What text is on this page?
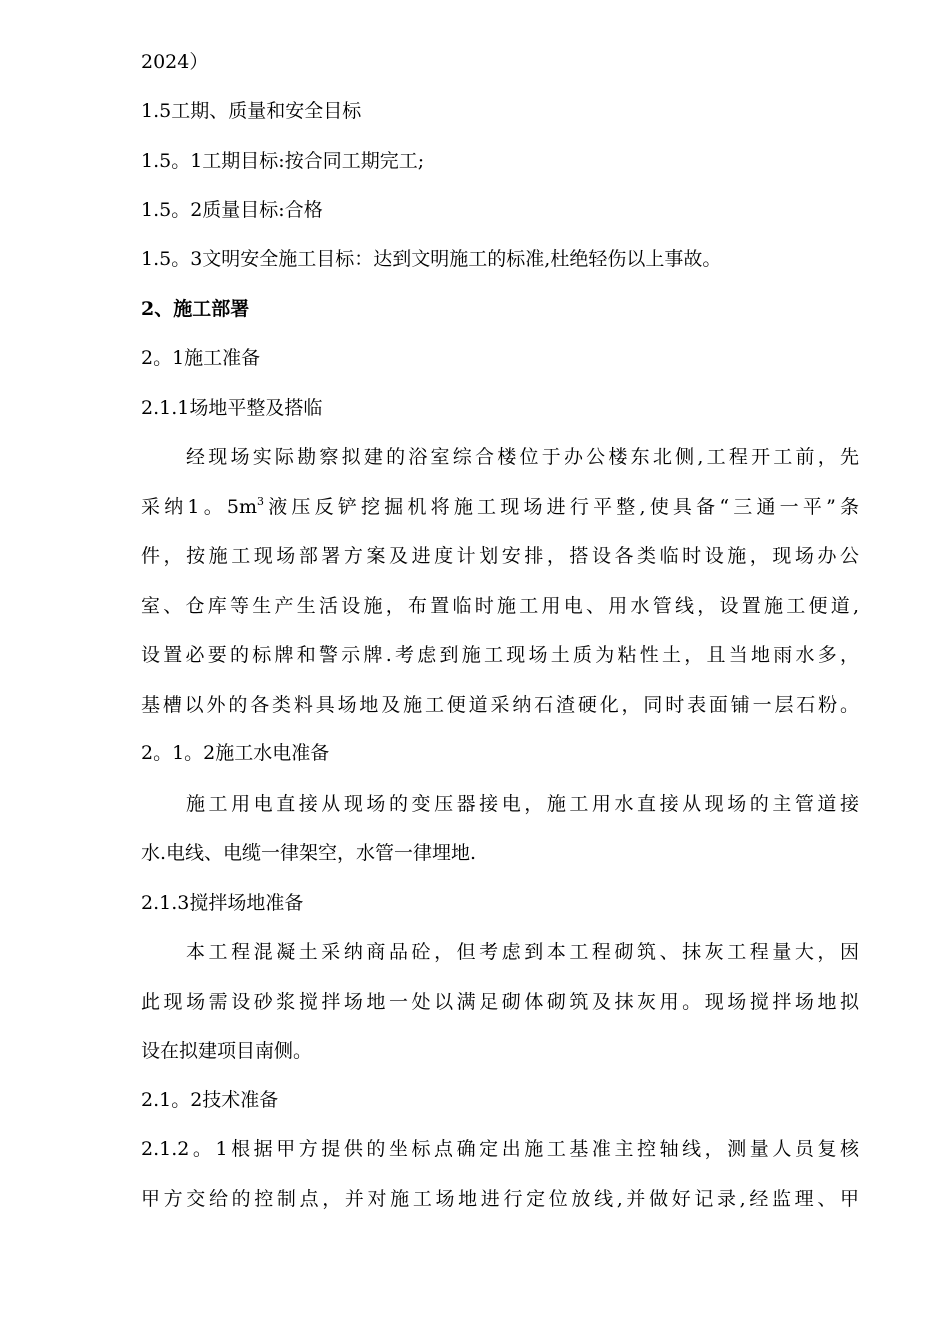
2024）
1.5工期、质量和安全目标
1.5。1工期目标:按合同工期完工;
1.5。2质量目标:合格
1.5。3文明安全施工目标：达到文明施工的标准,杜绝轻伤以上事故。
2、施工部署
2。1施工准备
2.1.1场地平整及搭临
经现场实际勘察拟建的浴室综合楼位于办公楼东北侧,工程开工前，先
采纳1。$5m^3$液压反铲挖掘机将施工现场进行平整,使具备“三通一平”条
件，按施工现场部署方案及进度计划安排，搭设各类临时设施，现场办公
室、仓库等生产生活设施，布置临时施工用电、用水管线，设置施工便道,
设置必要的标牌和警示牌.考虑到施工现场土质为粘性土，且当地雨水多，
基槽以外的各类料具场地及施工便道采纳石渣硬化，同时表面铺一层石粉。
2。1。2施工水电准备
施工用电直接从现场的变压器接电，施工用水直接从现场的主管道接
水.电线、电缆一律架空，水管一律埋地.
2.1.3搅拌场地准备
本工程混凝土采纳商品砼，但考虑到本工程砌筑、抹灰工程量大，因
此现场需设砂浆搅拌场地一处以满足砌体砌筑及抹灰用。现场搅拌场地拟
设在拟建项目南侧。
2.1。2技术准备
2.1.2。1根据甲方提供的坐标点确定出施工基准主控轴线，测量人员复核
甲方交给的控制点，并对施工场地进行定位放线,并做好记录,经监理、甲
